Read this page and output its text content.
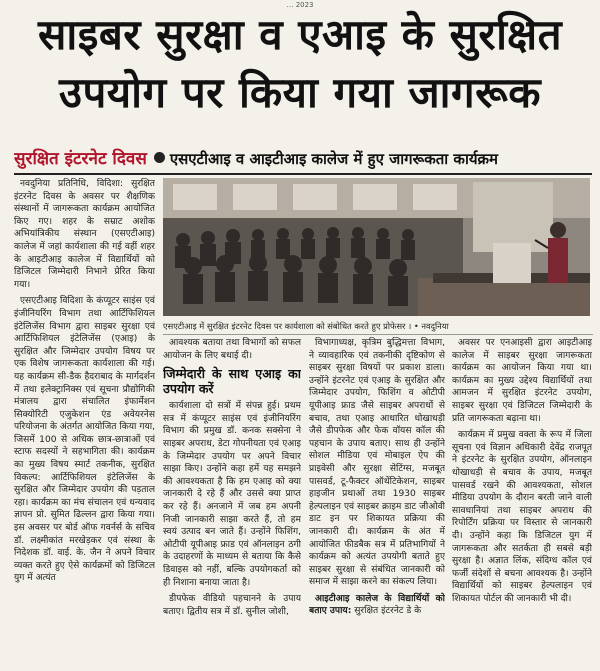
… 2023
साइबर सुरक्षा व एआइ के सुरक्षित
उपयोग पर किया गया जागरूक
सुरक्षित इंटरनेट दिवस एसएटीआइ व आइटीआइ कालेज में हुए जागरूकता कार्यक्रम

नवदुनिया प्रतिनिधि, विदिशा: सुरक्षित इंटरनेट दिवस के अवसर पर शैक्षणिक संस्थानों में जागरूकता कार्यक्रम आयोजित किए गए। शहर के सम्राट अशोक अभियांत्रिकीय संस्थान (एसएटीआइ) कालेज में जहां कार्यशाला की गई वहीं शहर के आइटीआइ कालेज में विद्यार्थियों को डिजिटल जिम्मेदारी निभाने प्रेरित किया गया।

एसएटीआइ विदिशा के कंप्यूटर साइंस एवं इंजीनियरिंग विभाग तथा आर्टिफिशियल इंटेलिजेंस विभाग द्वारा साइबर सुरक्षा एवं आर्टिफिशियल इंटेलिजेंस (एआइ) के सुरक्षित और जिम्मेदार उपयोग विषय पर एक विशेष जागरूकता कार्यशाला की गई। यह कार्यक्रम सी-डैक हैदराबाद के मार्गदर्शन में तथा इलेक्ट्रानिक्स एवं सूचना प्रौद्योगिकी मंत्रालय द्वारा संचालित इंफार्मेशन सिक्योरिटी एजुकेशन एंड अवेयरनेस परियोजना के अंतर्गत आयोजित किया गया, जिसमें 100 से अधिक छात्र-छात्राओं एवं स्टाफ सदस्यों ने सहभागिता की। कार्यक्रम का मुख्य विषय स्मार्ट तकनीक, सुरक्षित विकल्प: आर्टिफिशियल इंटेलिजेंस के सुरक्षित और जिम्मेदार उपयोग की पड़ताल रहा। कार्यक्रम का मंच संचालन एवं धन्यवाद ज्ञापन प्रो. सुमित ढिल्लन द्वारा किया गया। इस अवसर पर बोर्ड ऑफ गवर्नर्स के सचिव डॉ. लक्ष्मीकांत मरखेड़कर एवं संस्था के निदेशक डॉ. वाई. के. जैन ने अपने विचार व्यक्त करते हुए ऐसे कार्यक्रमों को डिजिटल युग में अत्यंत

एसएटीआइ में सुरक्षित इंटरनेट दिवस पर कार्यशाला को संबोधित करते हुए प्रोफेसर । • नवदुनिया

आवश्यक बताया तथा विभागों को सफल आयोजन के लिए बधाई दी।

जिम्मेदारी के साथ एआइ का उपयोग करें

कार्यशाला दो सत्रों में संपन्न हुई। प्रथम सत्र में कंप्यूटर साइंस एवं इंजीनियरिंग विभाग की प्रमुख डॉ. कनक सक्सेना ने साइबर अपराध, डेटा गोपनीयता एवं एआइ के जिम्मेदार उपयोग पर अपने विचार साझा किए। उन्होंने कहा हमें यह समझने की आवश्यकता है कि हम एआइ को क्या जानकारी दे रहे हैं और उससे क्या प्राप्त कर रहे हैं। अनजाने में जब हम अपनी निजी जानकारी साझा करते हैं, तो हम स्वयं उत्पाद बन जाते हैं। उन्होंने फिशिंग, ओटीपी यूपीआइ फ्राड एवं ऑनलाइन ठगी के उदाहरणों के माध्यम से बताया कि कैसे डिवाइस को नहीं, बल्कि उपयोगकर्ता को ही निशाना बनाया जाता है।

डीपफेक वीडियो पहचानने के उपाय बताए। द्वितीय सत्र में डॉ. सुनील जोशी,

विभागाध्यक्ष, कृत्रिम बुद्धिमत्ता विभाग, ने व्यावहारिक एवं तकनीकी दृष्टिकोण से साइबर सुरक्षा विषयों पर प्रकाश डाला। उन्होंने इंटरनेट एवं एआइ के सुरक्षित और जिम्मेदार उपयोग, फिशिंग व ओटीपी यूपीआइ फ्राड जैसे साइबर अपराधों से बचाव, तथा एआइ आधारित धोखाधड़ी जैसे डीपफेक और फेक वॉयस कॉल की पहचान के उपाय बताए। साथ ही उन्होंने सोशल मीडिया एवं मोबाइल ऐप की प्राइवेसी और सुरक्षा सेटिंग्स, मजबूत पासवर्ड, टू-फैक्टर ऑथेंटिकेशन, साइबर हाइजीन प्रथाओं तथा 1930 साइबर हेल्पलाइन एवं साइबर क्राइम डाट जीओवी डाट इन पर शिकायत प्रक्रिया की जानकारी दी। कार्यक्रम के अंत में आयोजित फीडबैक सत्र में प्रतिभागियों ने कार्यक्रम को अत्यंत उपयोगी बताते हुए साइबर सुरक्षा से संबंधित जानकारी को समाज में साझा करने का संकल्प लिया।

आइटीआइ कालेज के विद्यार्थियों को बताए उपाय: सुरक्षित इंटरनेट डे के

अवसर पर एनआइसी द्वारा आइटीआइ कालेज में साइबर सुरक्षा जागरूकता कार्यक्रम का आयोजन किया गया था। कार्यक्रम का मुख्य उद्देश्य विद्यार्थियों तथा आमजन में सुरक्षित इंटरनेट उपयोग, साइबर सुरक्षा एवं डिजिटल जिम्मेदारी के प्रति जागरूकता बढ़ाना था।

कार्यक्रम में प्रमुख वक्ता के रूप में जिला सूचना एवं विज्ञान अधिकारी देवेंद्र राजपूत ने इंटरनेट के सुरक्षित उपयोग, ऑनलाइन धोखाधड़ी से बचाव के उपाय, मजबूत पासवर्ड रखने की आवश्यकता, सोशल मीडिया उपयोग के दौरान बरती जाने वाली सावधानियां तथा साइबर अपराध की रिपोर्टिंग प्रक्रिया पर विस्तार से जानकारी दी। उन्होंने कहा कि डिजिटल युग में जागरूकता और सतर्कता ही सबसे बड़ी सुरक्षा है। अज्ञात लिंक, संदिग्ध कॉल एवं फर्जी संदेशों से बचना आवश्यक है। उन्होंने विद्यार्थियों को साइबर हेल्पलाइन एवं शिकायत पोर्टल की जानकारी भी दी।
